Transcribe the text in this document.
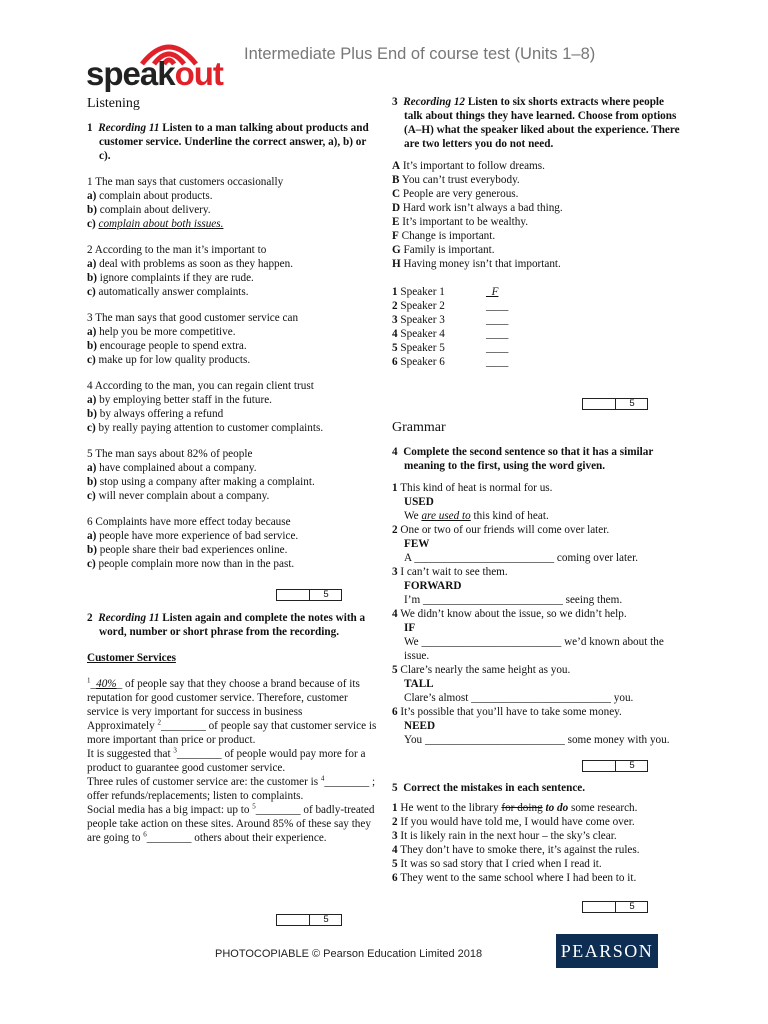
speakout
Intermediate Plus End of course test (Units 1–8)
Listening
1 Recording 11 Listen to a man talking about products and customer service. Underline the correct answer, a), b) or c).

1 The man says that customers occasionally

a) complain about products.

b) complain about delivery.

c) complain about both issues.

2 According to the man it’s important to

a) deal with problems as soon as they happen.

b) ignore complaints if they are rude.

c) automatically answer complaints.

3 The man says that good customer service can

a) help you be more competitive.

b) encourage people to spend extra.

c) make up for low quality products.

4 According to the man, you can regain client trust

a) by employing better staff in the future.

b) by always offering a refund

c) by really paying attention to customer complaints.

5 The man says about 82% of people

a) have complained about a company.

b) stop using a company after making a complaint.

c) will never complain about a company.

6 Complaints have more effect today because

a) people have more experience of bad service.

b) people share their bad experiences online.

c) people complain more now than in the past.

5
2 Recording 11 Listen again and complete the notes with a word, number or short phrase from the recording.
Customer Services

$^1$_40%_ of people say that they choose a brand because of its reputation for good customer service. Therefore, customer service is very important for success in business

Approximately $^2$________ of people say that customer service is more important than price or product.

It is suggested that $^3$________ of people would pay more for a product to guarantee good customer service.

Three rules of customer service are: the customer is $^4$________ ; offer refunds/replacements; listen to complaints.

Social media has a big impact: up to $^5$________ of badly-treated people take action on these sites. Around 85% of these say they are going to $^6$________ others about their experience.

5
3 Recording 12 Listen to six shorts extracts where people talk about things they have learned. Choose from options (A–H) what the speaker liked about the experience. There are two letters you do not need.
A It’s important to follow dreams.
B You can’t trust everybody.
C People are very generous.
D Hard work isn’t always a bad thing.
E It’s important to be wealthy.
F Change is important.
G Family is important.
H Having money isn’t that important.
1 Speaker 1	_F
2 Speaker 2	____
3 Speaker 3	____
4 Speaker 4	____
5 Speaker 5	____
6 Speaker 6	____
5
Grammar
4 Complete the second sentence so that it has a similar meaning to the first, using the word given.
1 This kind of heat is normal for us.
USED
We are used to this kind of heat.
2 One or two of our friends will come over later.
FEW
A _________________________ coming over later.
3 I can’t wait to see them.
FORWARD
I’m _________________________ seeing them.
4 We didn’t know about the issue, so we didn’t help.
IF
We _________________________ we’d known about the issue.
5 Clare’s nearly the same height as you.
TALL
Clare’s almost _________________________ you.
6 It’s possible that you’ll have to take some money.
NEED
You _________________________ some money with you.
5
5 Correct the mistakes in each sentence.
1 He went to the library for doing to do some research.
2 If you would have told me, I would have come over.
3 It is likely rain in the next hour – the sky’s clear.
4 They don’t have to smoke there, it’s against the rules.
5 It was so sad story that I cried when I read it.
6 They went to the same school where I had been to it.
5
PHOTOCOPIABLE © Pearson Education Limited 2018	PEARSON
